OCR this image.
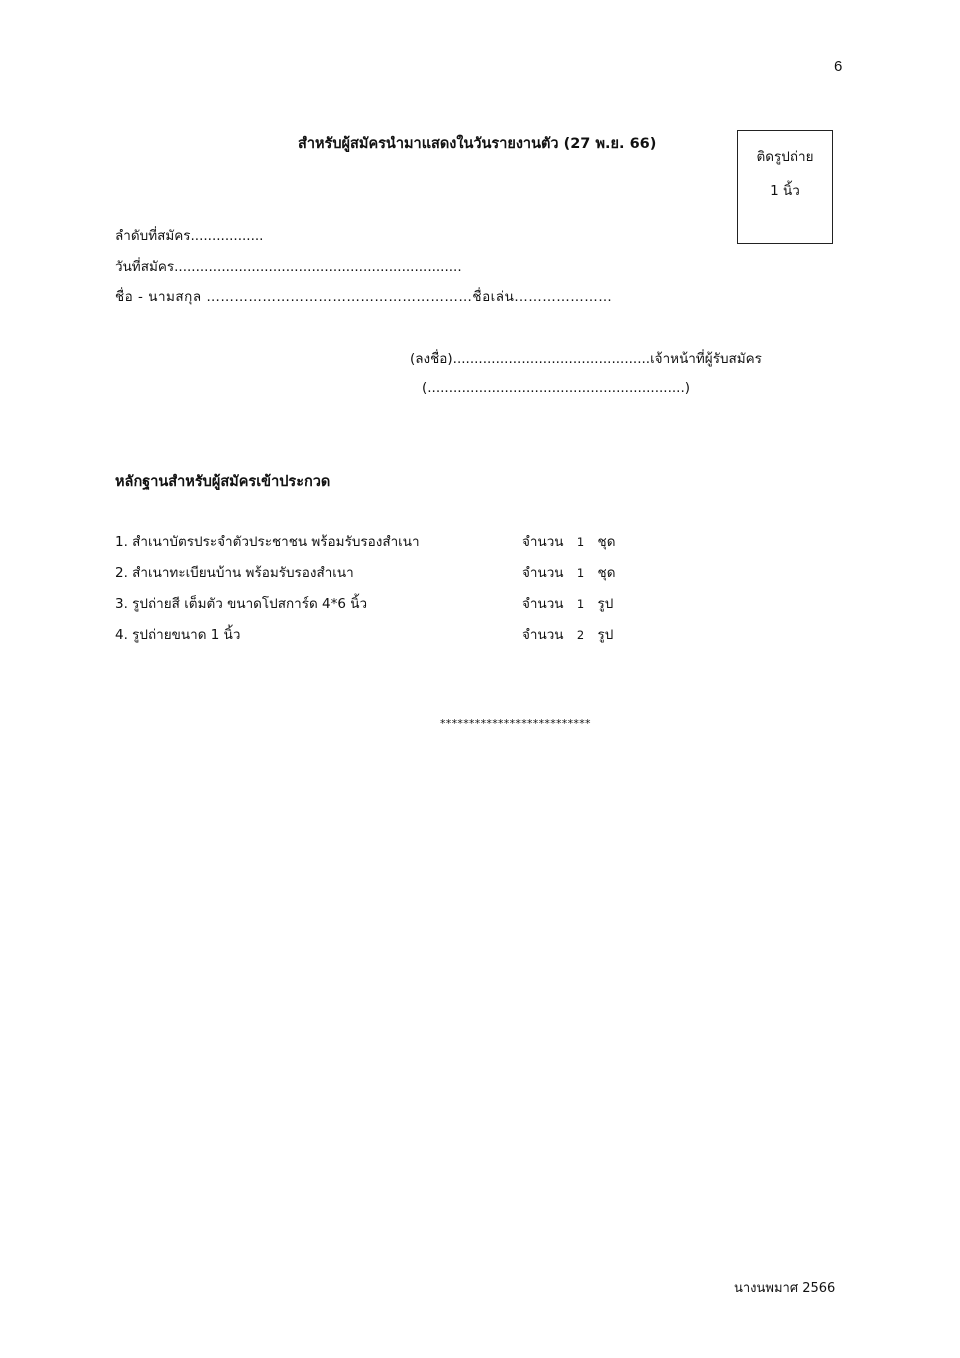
6
สำหรับผู้สมัครนำมาแสดงในวันรายงานตัว (27 พ.ย. 66)
ติดรูปถ่าย
1 นิ้ว
ลำดับที่สมัคร.................
วันที่สมัคร...................................................................
ชื่อ - นามสกุล …………………………………………………ชื่อเล่น…………………
(ลงชื่อ)..............................................เจ้าหน้าที่ผู้รับสมัคร
(............................................................)
หลักฐานสำหรับผู้สมัครเข้าประกวด
1. สำเนาบัตรประจำตัวประชาชน พร้อมรับรองสำเนา	จำนวน 1 ชุด
2. สำเนาทะเบียนบ้าน พร้อมรับรองสำเนา	จำนวน 1 ชุด
3. รูปถ่ายสี เต็มตัว ขนาดโปสการ์ด 4*6 นิ้ว	จำนวน 1 รูป
4. รูปถ่ายขนาด 1 นิ้ว	จำนวน 2 รูป
**************************
นางนพมาศ 2566
